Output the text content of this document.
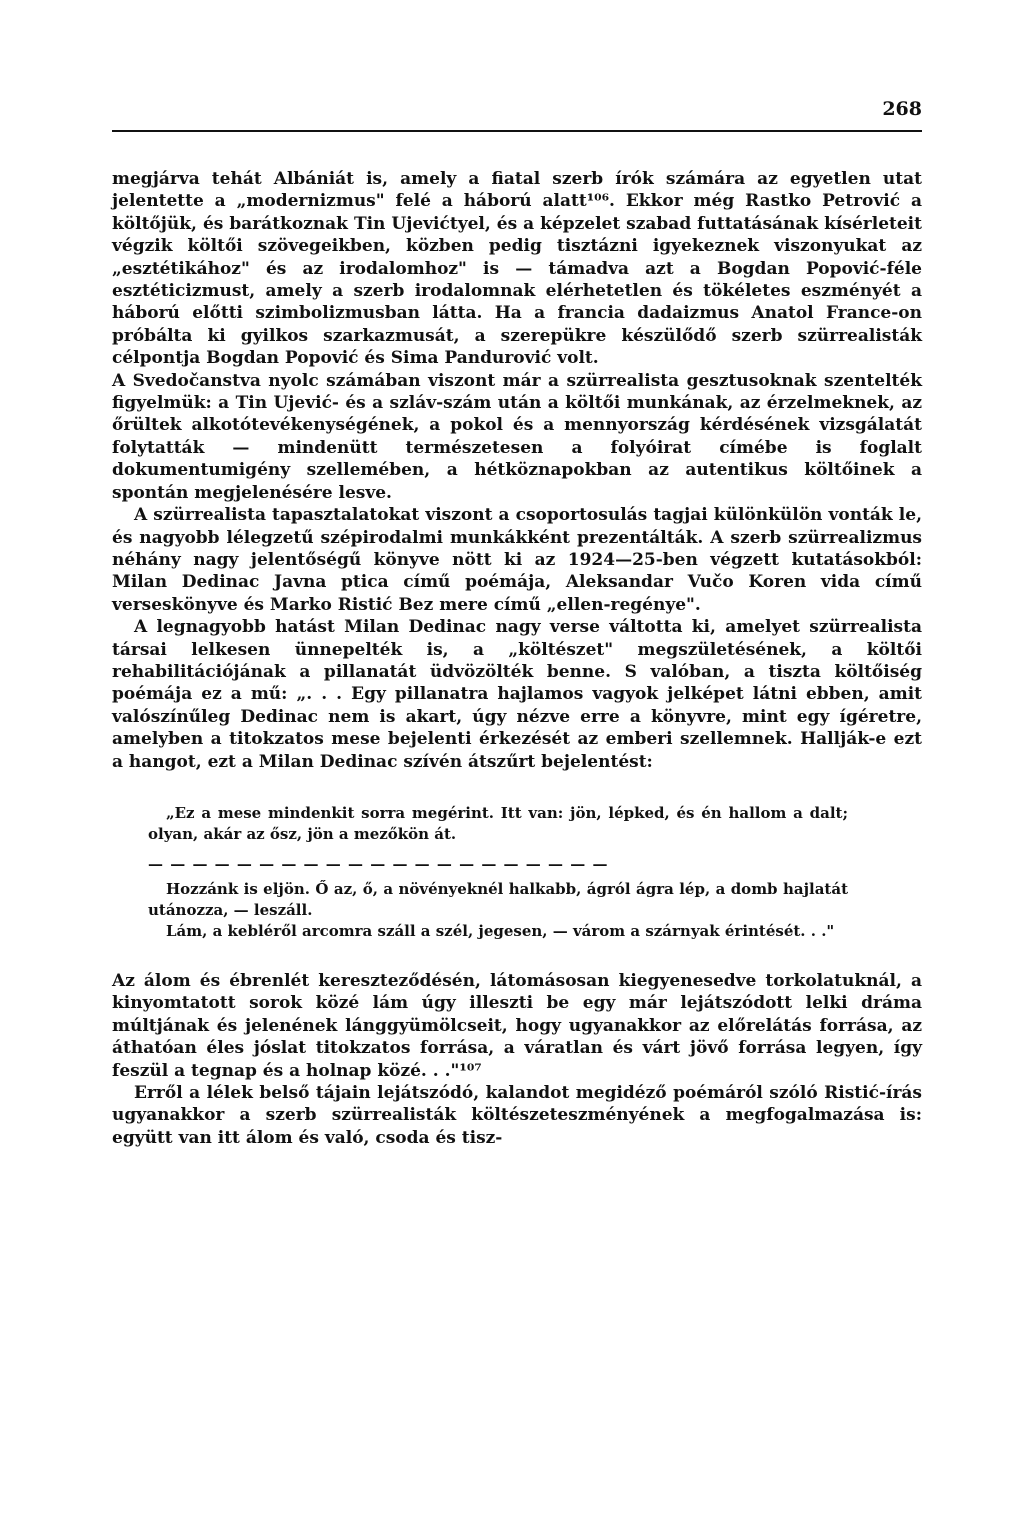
268

megjárva tehát Albániát is, amely a fiatal szerb írók számára az egyetlen utat jelentette a „modernizmus" felé a háború alatt¹⁰⁶. Ekkor még Rastko Petrović a költőjük, és barátkoznak Tin Ujevićtyel, és a képzelet szabad futtatásának kísérleteit végzik költői szövegeikben, közben pedig tisztázni igyekeznek viszonyukat az „esztétikához" és az irodalomhoz" is — támadva azt a Bogdan Popović-féle esztéticizmust, amely a szerb irodalomnak elérhetetlen és tökéletes eszményét a háború előtti szimbolizmusban látta. Ha a francia dadaizmus Anatol France-on próbálta ki gyilkos szarkazmusát, a szerepükre készülődő szerb szürrealisták célpontja Bogdan Popović és Sima Pandurović volt.

A Svedočanstva nyolc számában viszont már a szürrealista gesztusoknak szentelték figyelmük: a Tin Ujević- és a szláv-szám után a költői munkának, az érzelmeknek, az őrültek alkotótevékenységének, a pokol és a mennyország kérdésének vizsgálatát folytatták — mindenütt természetesen a folyóirat címébe is foglalt dokumentumigény szellemében, a hétköznapokban az autentikus költőinek a spontán megjelenésére lesve.

A szürrealista tapasztalatokat viszont a csoportosulás tagjai különkülön vonták le, és nagyobb lélegzetű szépirodalmi munkákként prezentálták. A szerb szürrealizmus néhány nagy jelentőségű könyve nött ki az 1924—25-ben végzett kutatásokból: Milan Dedinac Javna ptica című poémája, Aleksandar Vučo Koren vida című verseskönyve és Marko Ristić Bez mere című „ellen-regénye".

A legnagyobb hatást Milan Dedinac nagy verse váltotta ki, amelyet szürrealista társai lelkesen ünnepelték is, a „költészet" megszületésének, a költői rehabilitációjának a pillanatát üdvözölték benne. S valóban, a tiszta költőiség poémája ez a mű: „. . . Egy pillanatra hajlamos vagyok jelképet látni ebben, amit valószínűleg Dedinac nem is akart, úgy nézve erre a könyvre, mint egy ígéretre, amelyben a titokzatos mese bejelenti érkezését az emberi szellemnek. Hallják-e ezt a hangot, ezt a Milan Dedinac szívén átszűrt bejelentést:

„Ez a mese mindenkit sorra megérint. Itt van: jön, lépked, és én hallom a dalt; olyan, akár az ősz, jön a mezőkön át.

— — — — — — — — — — — — — — — — — — — — —

Hozzánk is eljön. Ő az, ő, a növényeknél halkabb, ágról ágra lép, a domb hajlatát utánozza, — leszáll.

Lám, a kebléről arcomra száll a szél, jegesen, — várom a szárnyak érintését. . ."

Az álom és ébrenlét kereszteződésén, látomásosan kiegyenesedve torkolatuknál, a kinyomtatott sorok közé lám úgy illeszti be egy már lejátszódott lelki dráma múltjának és jelenének lánggyümölcseit, hogy ugyanakkor az előrelátás forrása, az áthatóan éles jóslat titokzatos forrása, a váratlan és várt jövő forrása legyen, így feszül a tegnap és a holnap közé. . ."¹⁰⁷

Erről a lélek belső tájain lejátszódó, kalandot megidéző poémáról szóló Ristić-írás ugyanakkor a szerb szürrealisták költészeteszményének a megfogalmazása is: együtt van itt álom és való, csoda és tisz-
